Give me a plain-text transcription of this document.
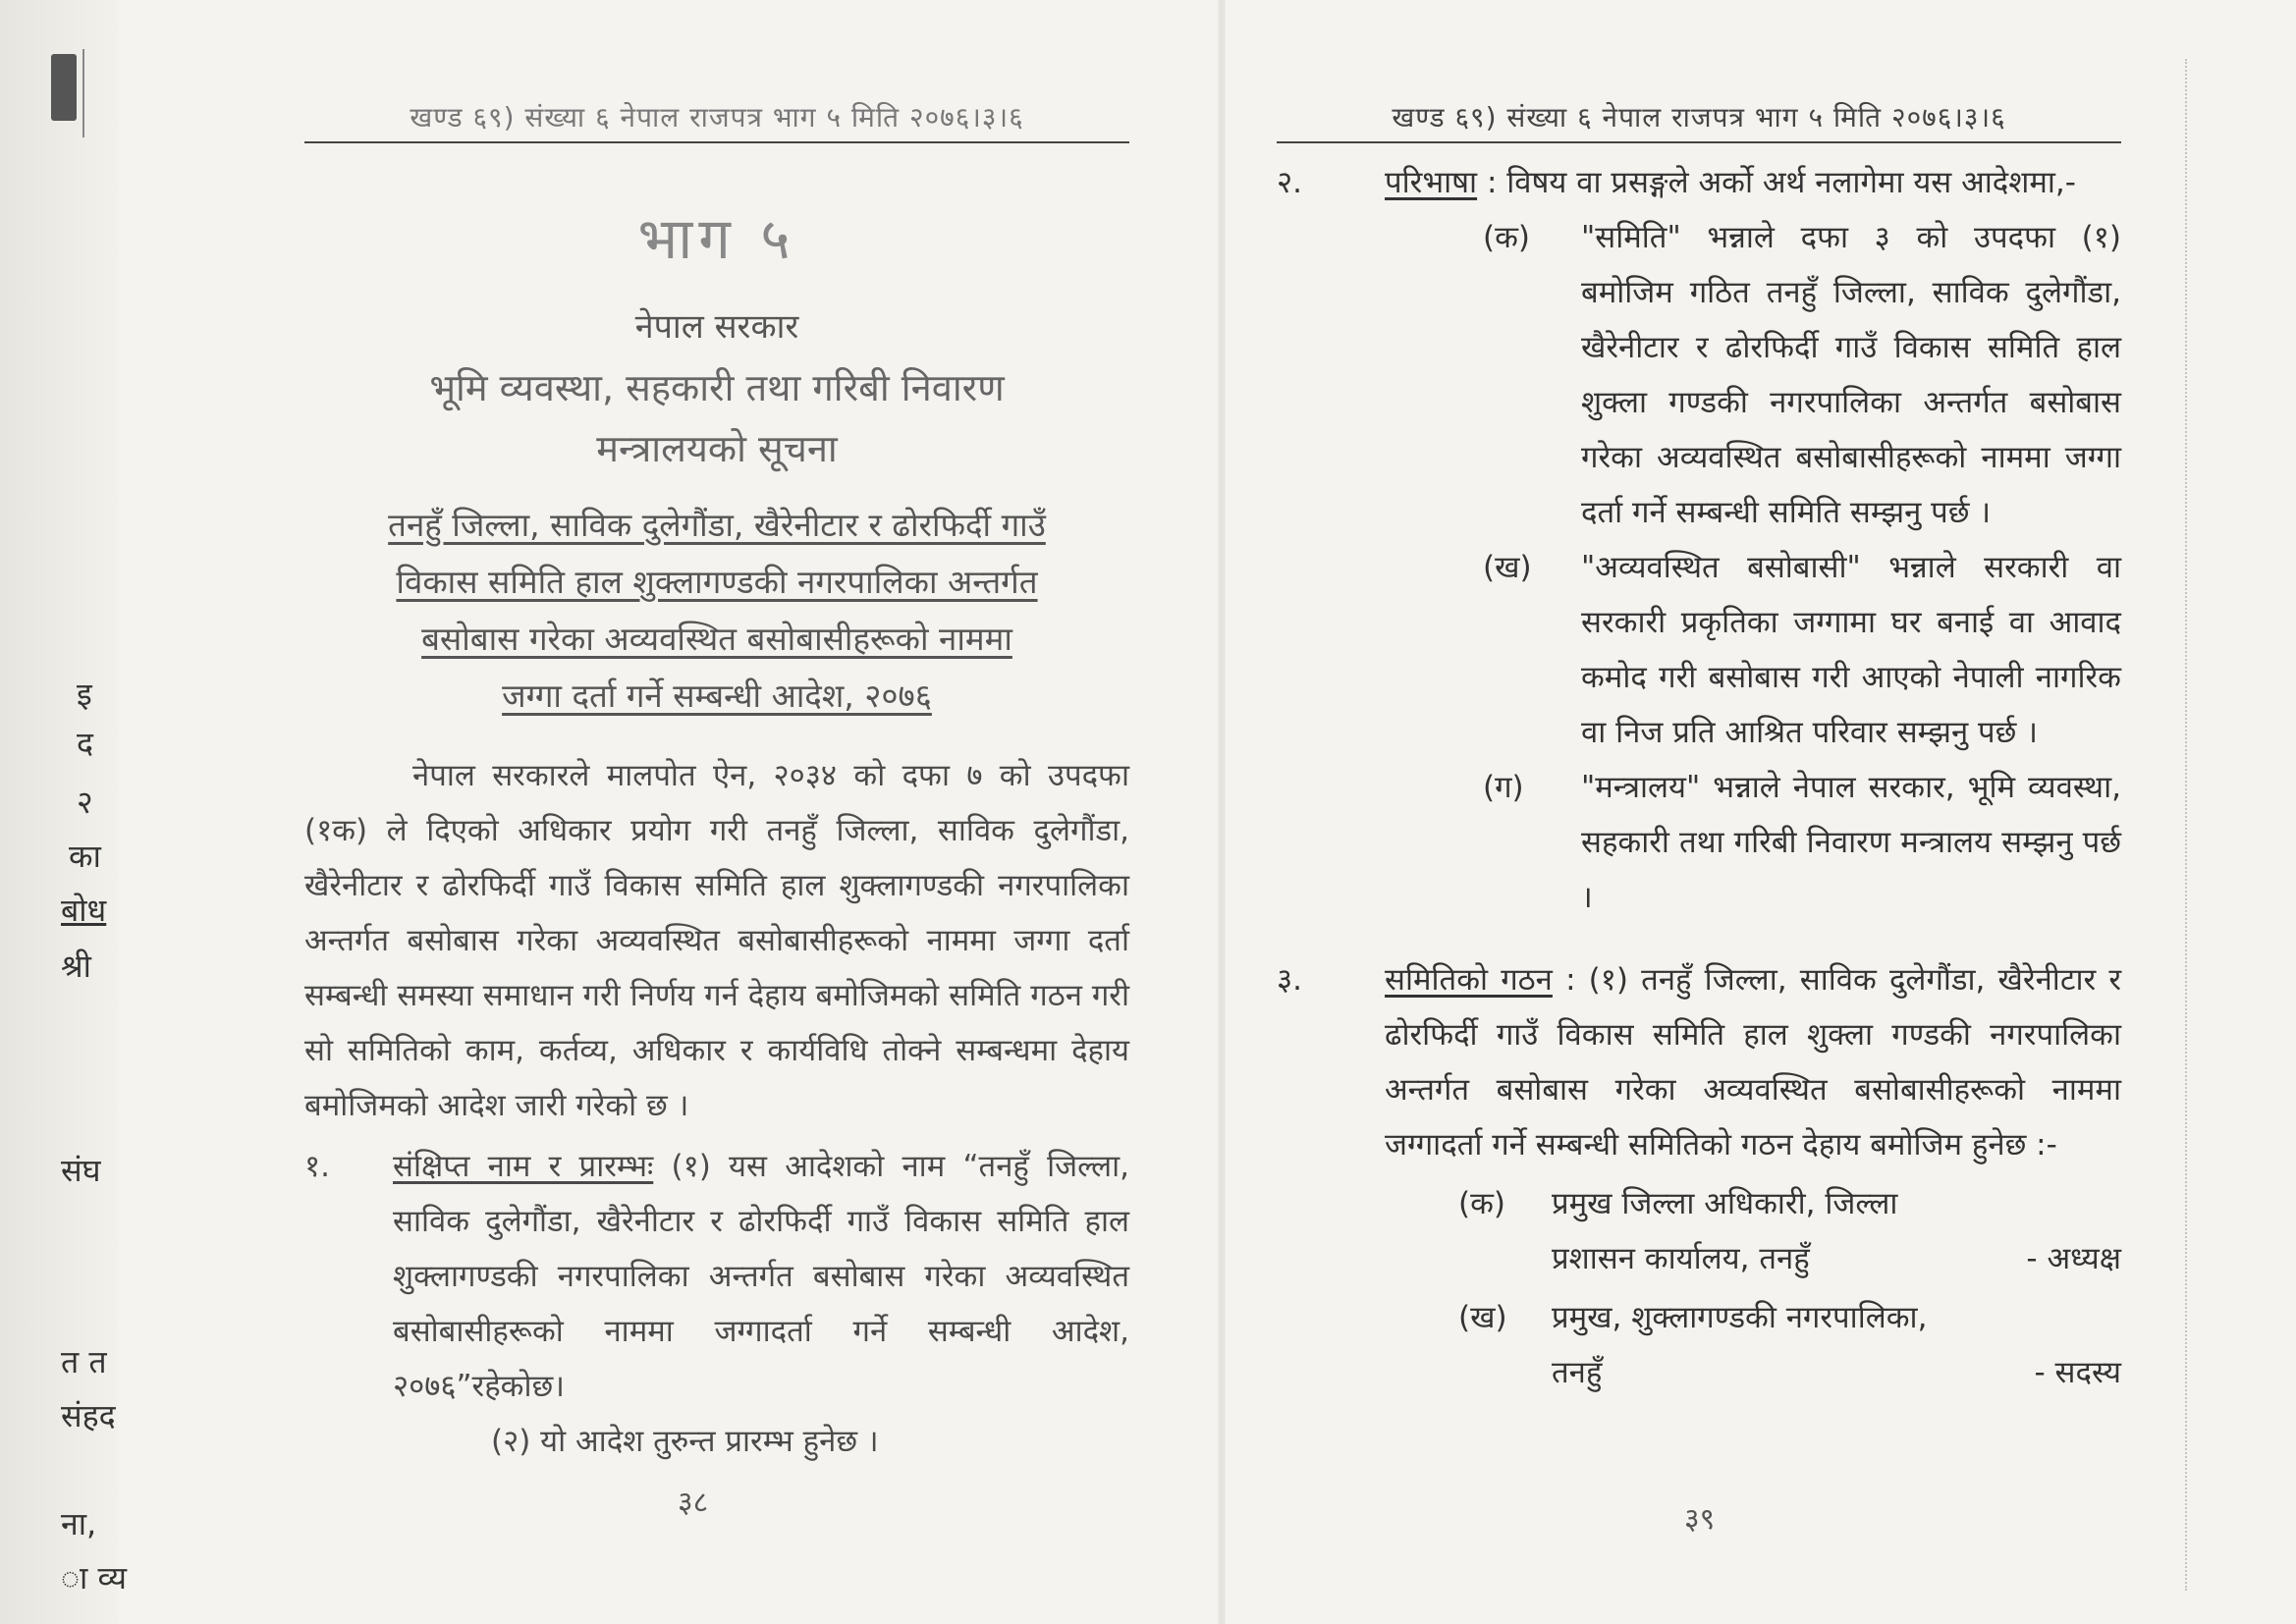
इ
द
२
का
बोध
श्री
संघ
त त
संहद
ना,
ा व्य
खण्ड ६९) संख्या ६ नेपाल राजपत्र भाग ५ मिति २०७६।३।६
भाग ५
नेपाल सरकार
भूमि व्यवस्था, सहकारी तथा गरिबी निवारण
मन्त्रालयको सूचना
तनहुँ जिल्ला, साविक दुलेगौंडा, खैरेनीटार र ढोरफिर्दी गाउँ
विकास समिति हाल शुक्लागण्डकी नगरपालिका अन्तर्गत
बसोबास गरेका अव्यवस्थित बसोबासीहरूको नाममा
जग्गा दर्ता गर्ने सम्बन्धी आदेश, २०७६
नेपाल सरकारले मालपोत ऐन, २०३४ को दफा ७ को उपदफा (१क) ले दिएको अधिकार प्रयोग गरी तनहुँ जिल्ला, साविक दुलेगौंडा, खैरेनीटार र ढोरफिर्दी गाउँ विकास समिति हाल शुक्लागण्डकी नगरपालिका अन्तर्गत बसोबास गरेका अव्यवस्थित बसोबासीहरूको नाममा जग्गा दर्ता सम्बन्धी समस्या समाधान गरी निर्णय गर्न देहाय बमोजिमको समिति गठन गरी सो समितिको काम, कर्तव्य, अधिकार र कार्यविधि तोक्ने सम्बन्धमा देहाय बमोजिमको आदेश जारी गरेको छ ।
१. संक्षिप्त नाम र प्रारम्भः (१) यस आदेशको नाम “तनहुँ जिल्ला, साविक दुलेगौंडा, खैरेनीटार र ढोरफिर्दी गाउँ विकास समिति हाल शुक्लागण्डकी नगरपालिका अन्तर्गत बसोबास गरेका अव्यवस्थित बसोबासीहरूको नाममा जग्गादर्ता गर्ने सम्बन्धी आदेश, २०७६”रहेकोछ।
(२) यो आदेश तुरुन्त प्रारम्भ हुनेछ ।
३८
खण्ड ६९) संख्या ६ नेपाल राजपत्र भाग ५ मिति २०७६।३।६
२.	परिभाषा : विषय वा प्रसङ्गले अर्को अर्थ नलागेमा यस आदेशमा,-
(क) "समिति" भन्नाले दफा ३ को उपदफा (१) बमोजिम गठित तनहुँ जिल्ला, साविक दुलेगौंडा, खैरेनीटार र ढोरफिर्दी गाउँ विकास समिति हाल शुक्ला गण्डकी नगरपालिका अन्तर्गत बसोबास गरेका अव्यवस्थित बसोबासीहरूको नाममा जग्गा दर्ता गर्ने सम्बन्धी समिति सम्झनु पर्छ ।
(ख) "अव्यवस्थित बसोबासी" भन्नाले सरकारी वा सरकारी प्रकृतिका जग्गामा घर बनाई वा आवाद कमोद गरी बसोबास गरी आएको नेपाली नागरिक वा निज प्रति आश्रित परिवार सम्झनु पर्छ ।
(ग) "मन्त्रालय" भन्नाले नेपाल सरकार, भूमि व्यवस्था, सहकारी तथा गरिबी निवारण मन्त्रालय सम्झनु पर्छ ।
३.	समितिको गठन : (१) तनहुँ जिल्ला, साविक दुलेगौंडा, खैरेनीटार र ढोरफिर्दी गाउँ विकास समिति हाल शुक्ला गण्डकी नगरपालिका अन्तर्गत बसोबास गरेका अव्यवस्थित बसोबासीहरूको नाममा जग्गादर्ता गर्ने सम्बन्धी समितिको गठन देहाय बमोजिम हुनेछ :-
(क) प्रमुख जिल्ला अधिकारी, जिल्ला
प्रशासन कार्यालय, तनहुँ	- अध्यक्ष
(ख) प्रमुख, शुक्लागण्डकी नगरपालिका,
तनहुँ	- सदस्य
३९
